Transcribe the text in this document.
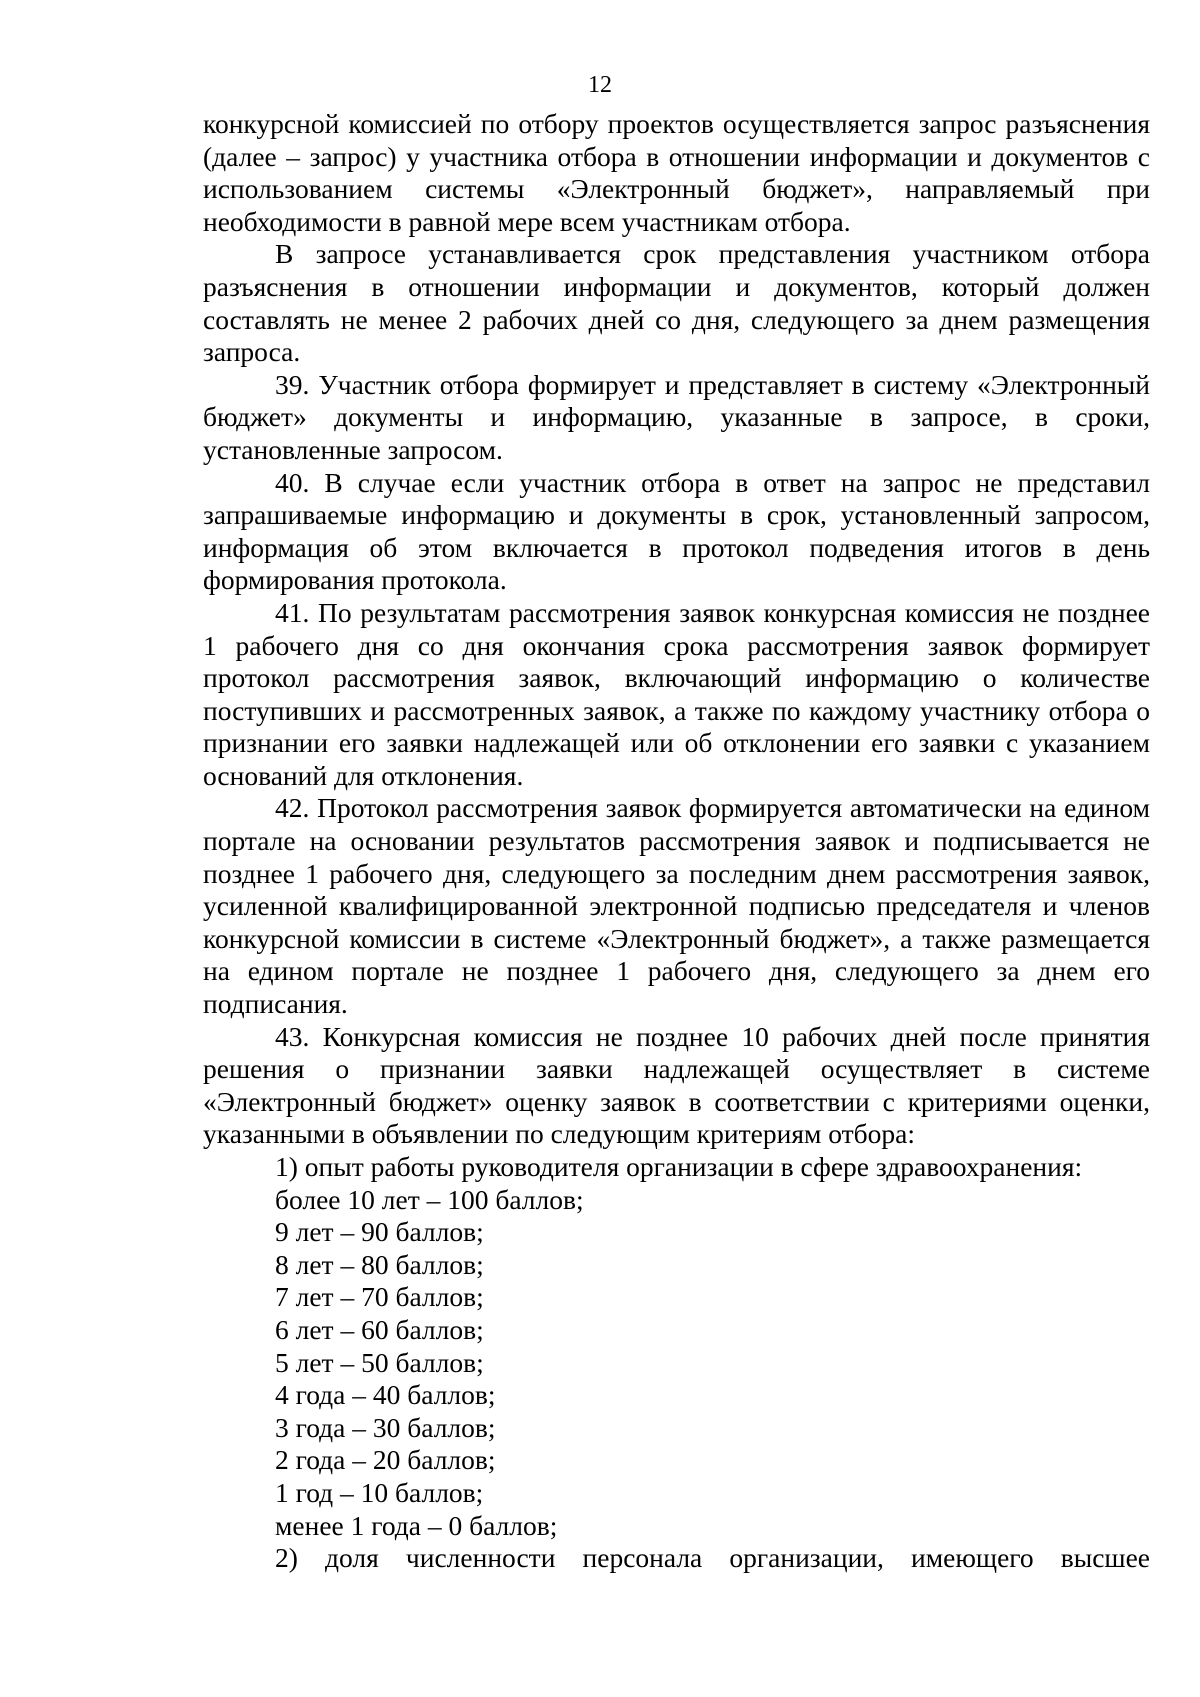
12

конкурсной комиссией по отбору проектов осуществляется запрос разъяснения (далее – запрос) у участника отбора в отношении информации и документов с использованием системы «Электронный бюджет», направляемый при необходимости в равной мере всем участникам отбора.

В запросе устанавливается срок представления участником отбора разъяснения в отношении информации и документов, который должен составлять не менее 2 рабочих дней со дня, следующего за днем размещения запроса.

39. Участник отбора формирует и представляет в систему «Электронный бюджет» документы и информацию, указанные в запросе, в сроки, установленные запросом.

40. В случае если участник отбора в ответ на запрос не представил запрашиваемые информацию и документы в срок, установленный запросом, информация об этом включается в протокол подведения итогов в день формирования протокола.

41. По результатам рассмотрения заявок конкурсная комиссия не позднее 1 рабочего дня со дня окончания срока рассмотрения заявок формирует протокол рассмотрения заявок, включающий информацию о количестве поступивших и рассмотренных заявок, а также по каждому участнику отбора о признании его заявки надлежащей или об отклонении его заявки с указанием оснований для отклонения.

42. Протокол рассмотрения заявок формируется автоматически на едином портале на основании результатов рассмотрения заявок и подписывается не позднее 1 рабочего дня, следующего за последним днем рассмотрения заявок, усиленной квалифицированной электронной подписью председателя и членов конкурсной комиссии в системе «Электронный бюджет», а также размещается на едином портале не позднее 1 рабочего дня, следующего за днем его подписания.

43. Конкурсная комиссия не позднее 10 рабочих дней после принятия решения о признании заявки надлежащей осуществляет в системе «Электронный бюджет» оценку заявок в соответствии с критериями оценки, указанными в объявлении по следующим критериям отбора:

1) опыт работы руководителя организации в сфере здравоохранения:

более 10 лет – 100 баллов;

9 лет – 90 баллов;

8 лет – 80 баллов;

7 лет – 70 баллов;

6 лет – 60 баллов;

5 лет – 50 баллов;

4 года – 40 баллов;

3 года – 30 баллов;

2 года – 20 баллов;

1 год – 10 баллов;

менее 1 года – 0 баллов;

2) доля численности персонала организации, имеющего высшее
